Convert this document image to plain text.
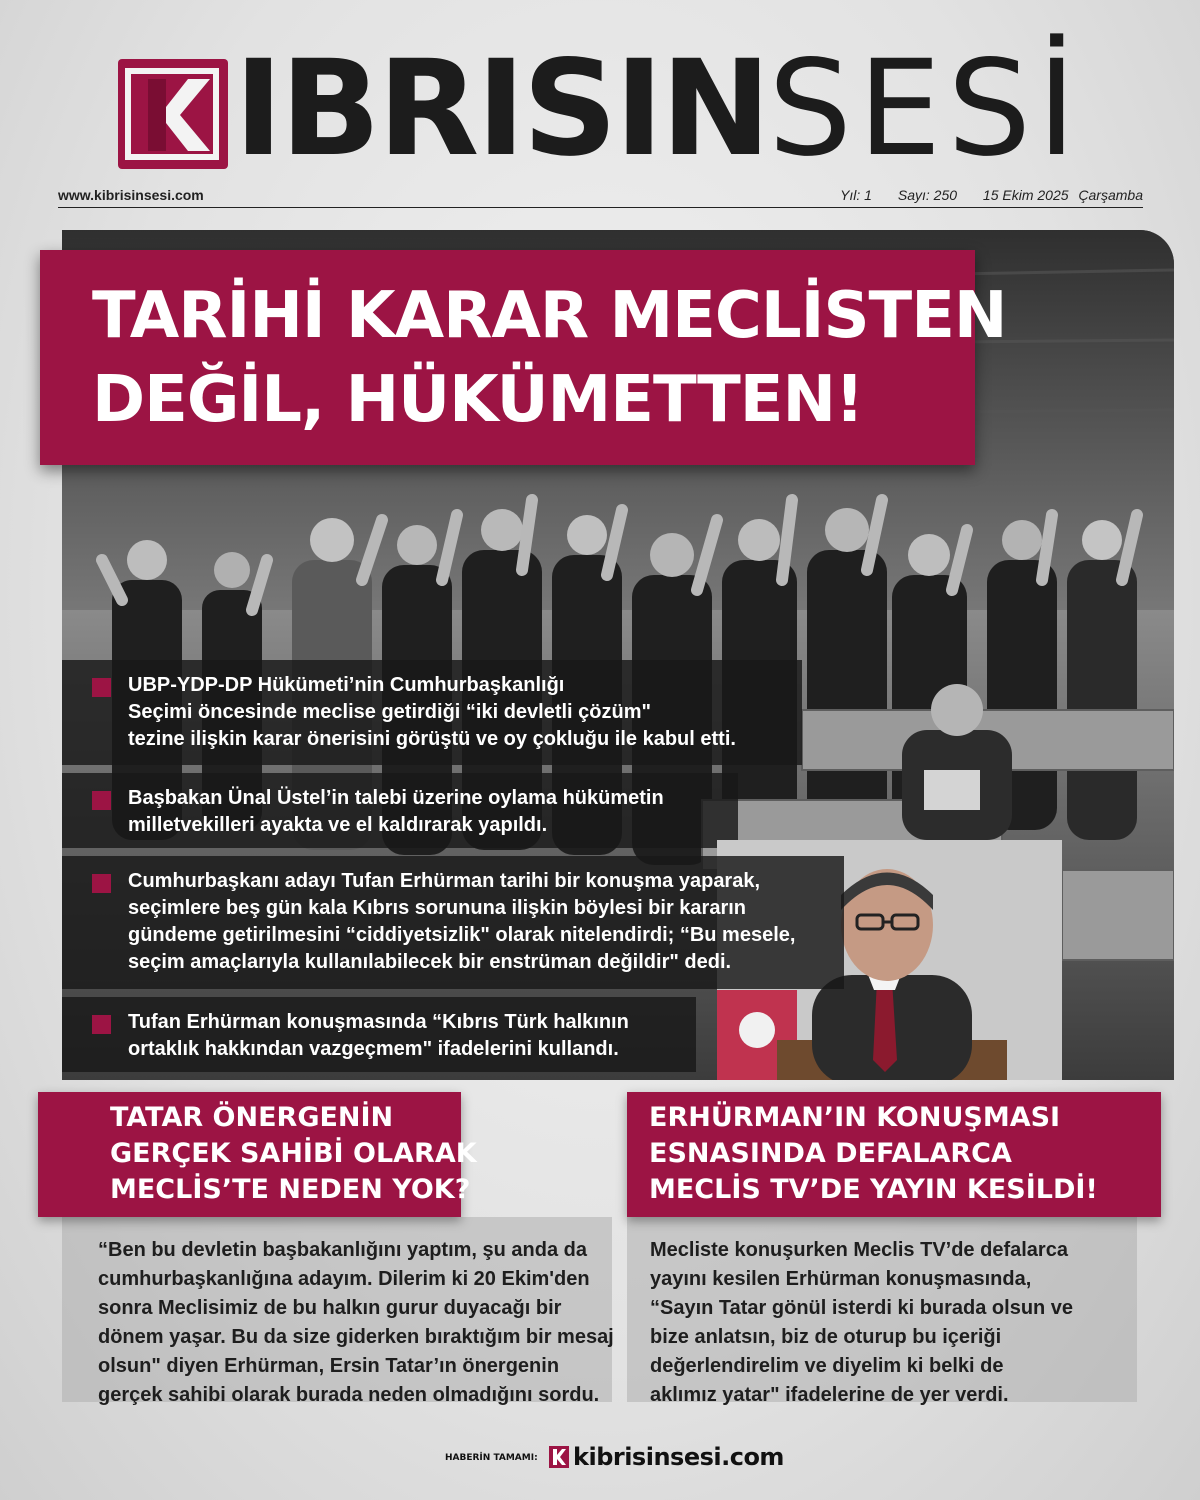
IBRISINSESİ
www.kibrisinsesi.com	Yıl: 1 Sayı: 250 15 Ekim 2025 Çarşamba
TARİHİ KARAR MECLİSTEN
DEĞİL, HÜKÜMETTEN!
UBP-YDP-DP Hükümeti’nin Cumhurbaşkanlığı
Seçimi öncesinde meclise getirdiği “iki devletli çözüm"
tezine ilişkin karar önerisini görüştü ve oy çokluğu ile kabul etti.
Başbakan Ünal Üstel’in talebi üzerine oylama hükümetin
milletvekilleri ayakta ve el kaldırarak yapıldı.
Cumhurbaşkanı adayı Tufan Erhürman tarihi bir konuşma yaparak,
seçimlere beş gün kala Kıbrıs sorununa ilişkin böylesi bir kararın
gündeme getirilmesini “ciddiyetsizlik" olarak nitelendirdi; “Bu mesele,
seçim amaçlarıyla kullanılabilecek bir enstrüman değildir" dedi.
Tufan Erhürman konuşmasında “Kıbrıs Türk halkının
ortaklık hakkından vazgeçmem" ifadelerini kullandı.
TATAR ÖNERGENİN
GERÇEK SAHİBİ OLARAK
MECLİS’TE NEDEN YOK?
ERHÜRMAN’IN KONUŞMASI
ESNASINDA DEFALARCA
MECLİS TV’DE YAYIN KESİLDİ!
“Ben bu devletin başbakanlığını yaptım, şu anda da
cumhurbaşkanlığına adayım. Dilerim ki 20 Ekim'den
sonra Meclisimiz de bu halkın gurur duyacağı bir
dönem yaşar. Bu da size giderken bıraktığım bir mesaj
olsun" diyen Erhürman, Ersin Tatar’ın önergenin
gerçek sahibi olarak burada neden olmadığını sordu.
Mecliste konuşurken Meclis TV’de defalarca
yayını kesilen Erhürman konuşmasında,
“Sayın Tatar gönül isterdi ki burada olsun ve
bize anlatsın, biz de oturup bu içeriği
değerlendirelim ve diyelim ki belki de
aklımız yatar" ifadelerine de yer verdi.
HABERİN TAMAMI: kibrisinsesi.com
